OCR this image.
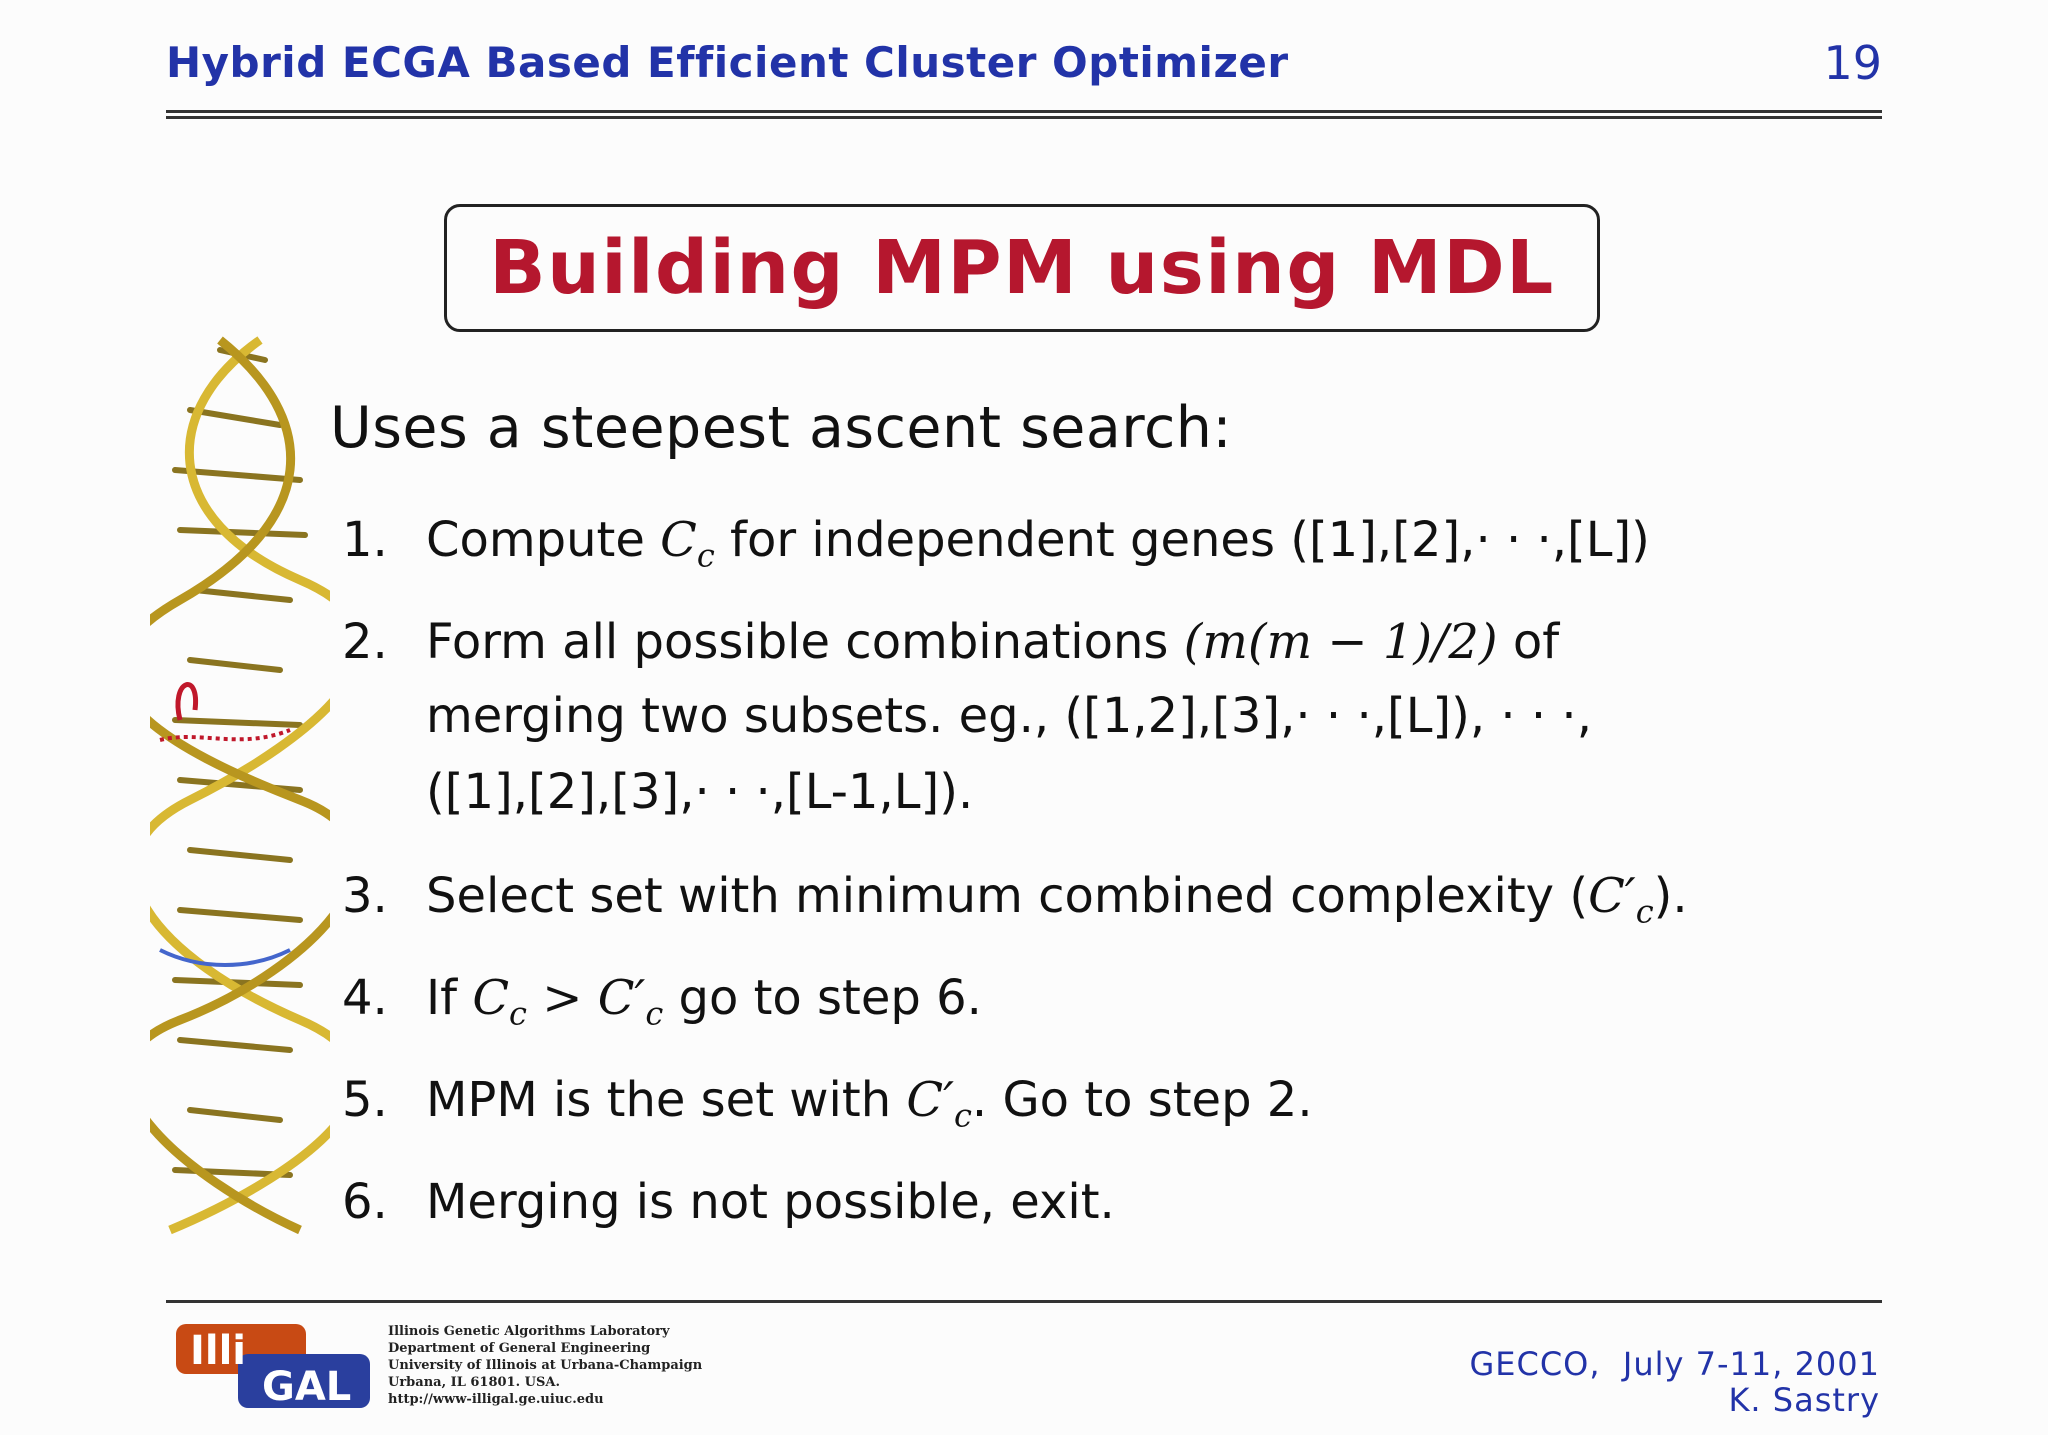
Hybrid ECGA Based Efficient Cluster Optimizer	19
Building MPM using MDL
Uses a steepest ascent search:
1. Compute $C_c$ for independent genes ([1],[2],· · ·,[L])
2. Form all possible combinations (m(m − 1)/2) of
merging two subsets. eg., ([1,2],[3],· · ·,[L]), · · ·,
([1],[2],[3],· · ·,[L-1,L]).
3. Select set with minimum combined complexity $(C'_c)$.
4. If $C_c > C'_c$ go to step 6.
5. MPM is the set with $C'_c$. Go to step 2.
6. Merging is not possible, exit.
Illi
GAL
Illinois Genetic Algorithms Laboratory
Department of General Engineering
University of Illinois at Urbana-Champaign
Urbana, IL 61801. USA.
http://www-illigal.ge.uiuc.edu
GECCO,  July 7-11, 2001
K. Sastry
